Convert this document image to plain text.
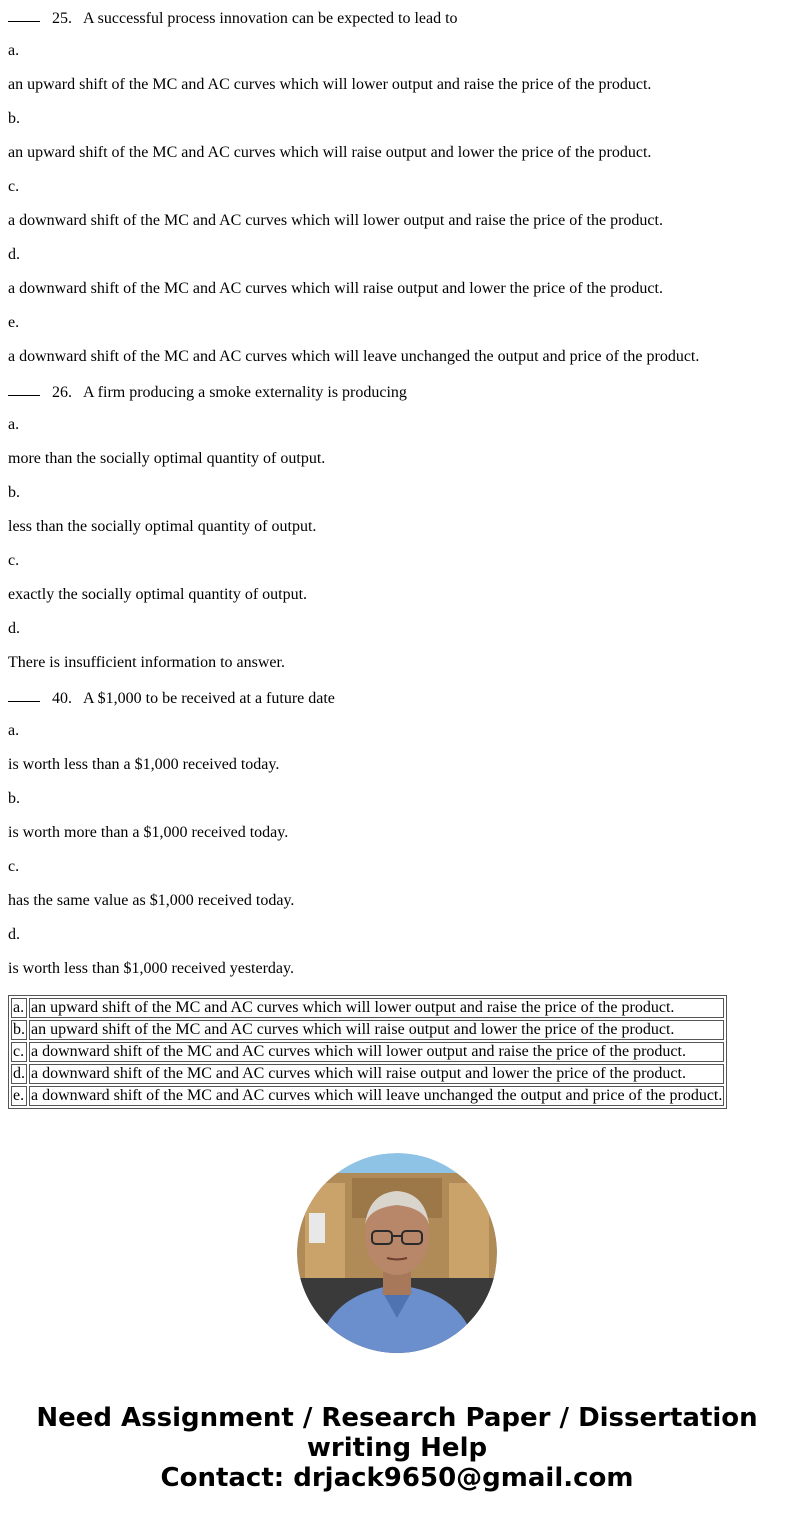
25. A successful process innovation can be expected to lead to
a.
an upward shift of the MC and AC curves which will lower output and raise the price of the product.
b.
an upward shift of the MC and AC curves which will raise output and lower the price of the product.
c.
a downward shift of the MC and AC curves which will lower output and raise the price of the product.
d.
a downward shift of the MC and AC curves which will raise output and lower the price of the product.
e.
a downward shift of the MC and AC curves which will leave unchanged the output and price of the product.
26. A firm producing a smoke externality is producing
a.
more than the socially optimal quantity of output.
b.
less than the socially optimal quantity of output.
c.
exactly the socially optimal quantity of output.
d.
There is insufficient information to answer.
40. A $1,000 to be received at a future date
a.
is worth less than a $1,000 received today.
b.
is worth more than a $1,000 received today.
c.
has the same value as $1,000 received today.
d.
is worth less than $1,000 received yesterday.
a.	an upward shift of the MC and AC curves which will lower output and raise the price of the product.
b.	an upward shift of the MC and AC curves which will raise output and lower the price of the product.
c.	a downward shift of the MC and AC curves which will lower output and raise the price of the product.
d.	a downward shift of the MC and AC curves which will raise output and lower the price of the product.
e.	a downward shift of the MC and AC curves which will leave unchanged the output and price of the product.
Need Assignment / Research Paper / Dissertation
writing Help
Contact: drjack9650@gmail.com
